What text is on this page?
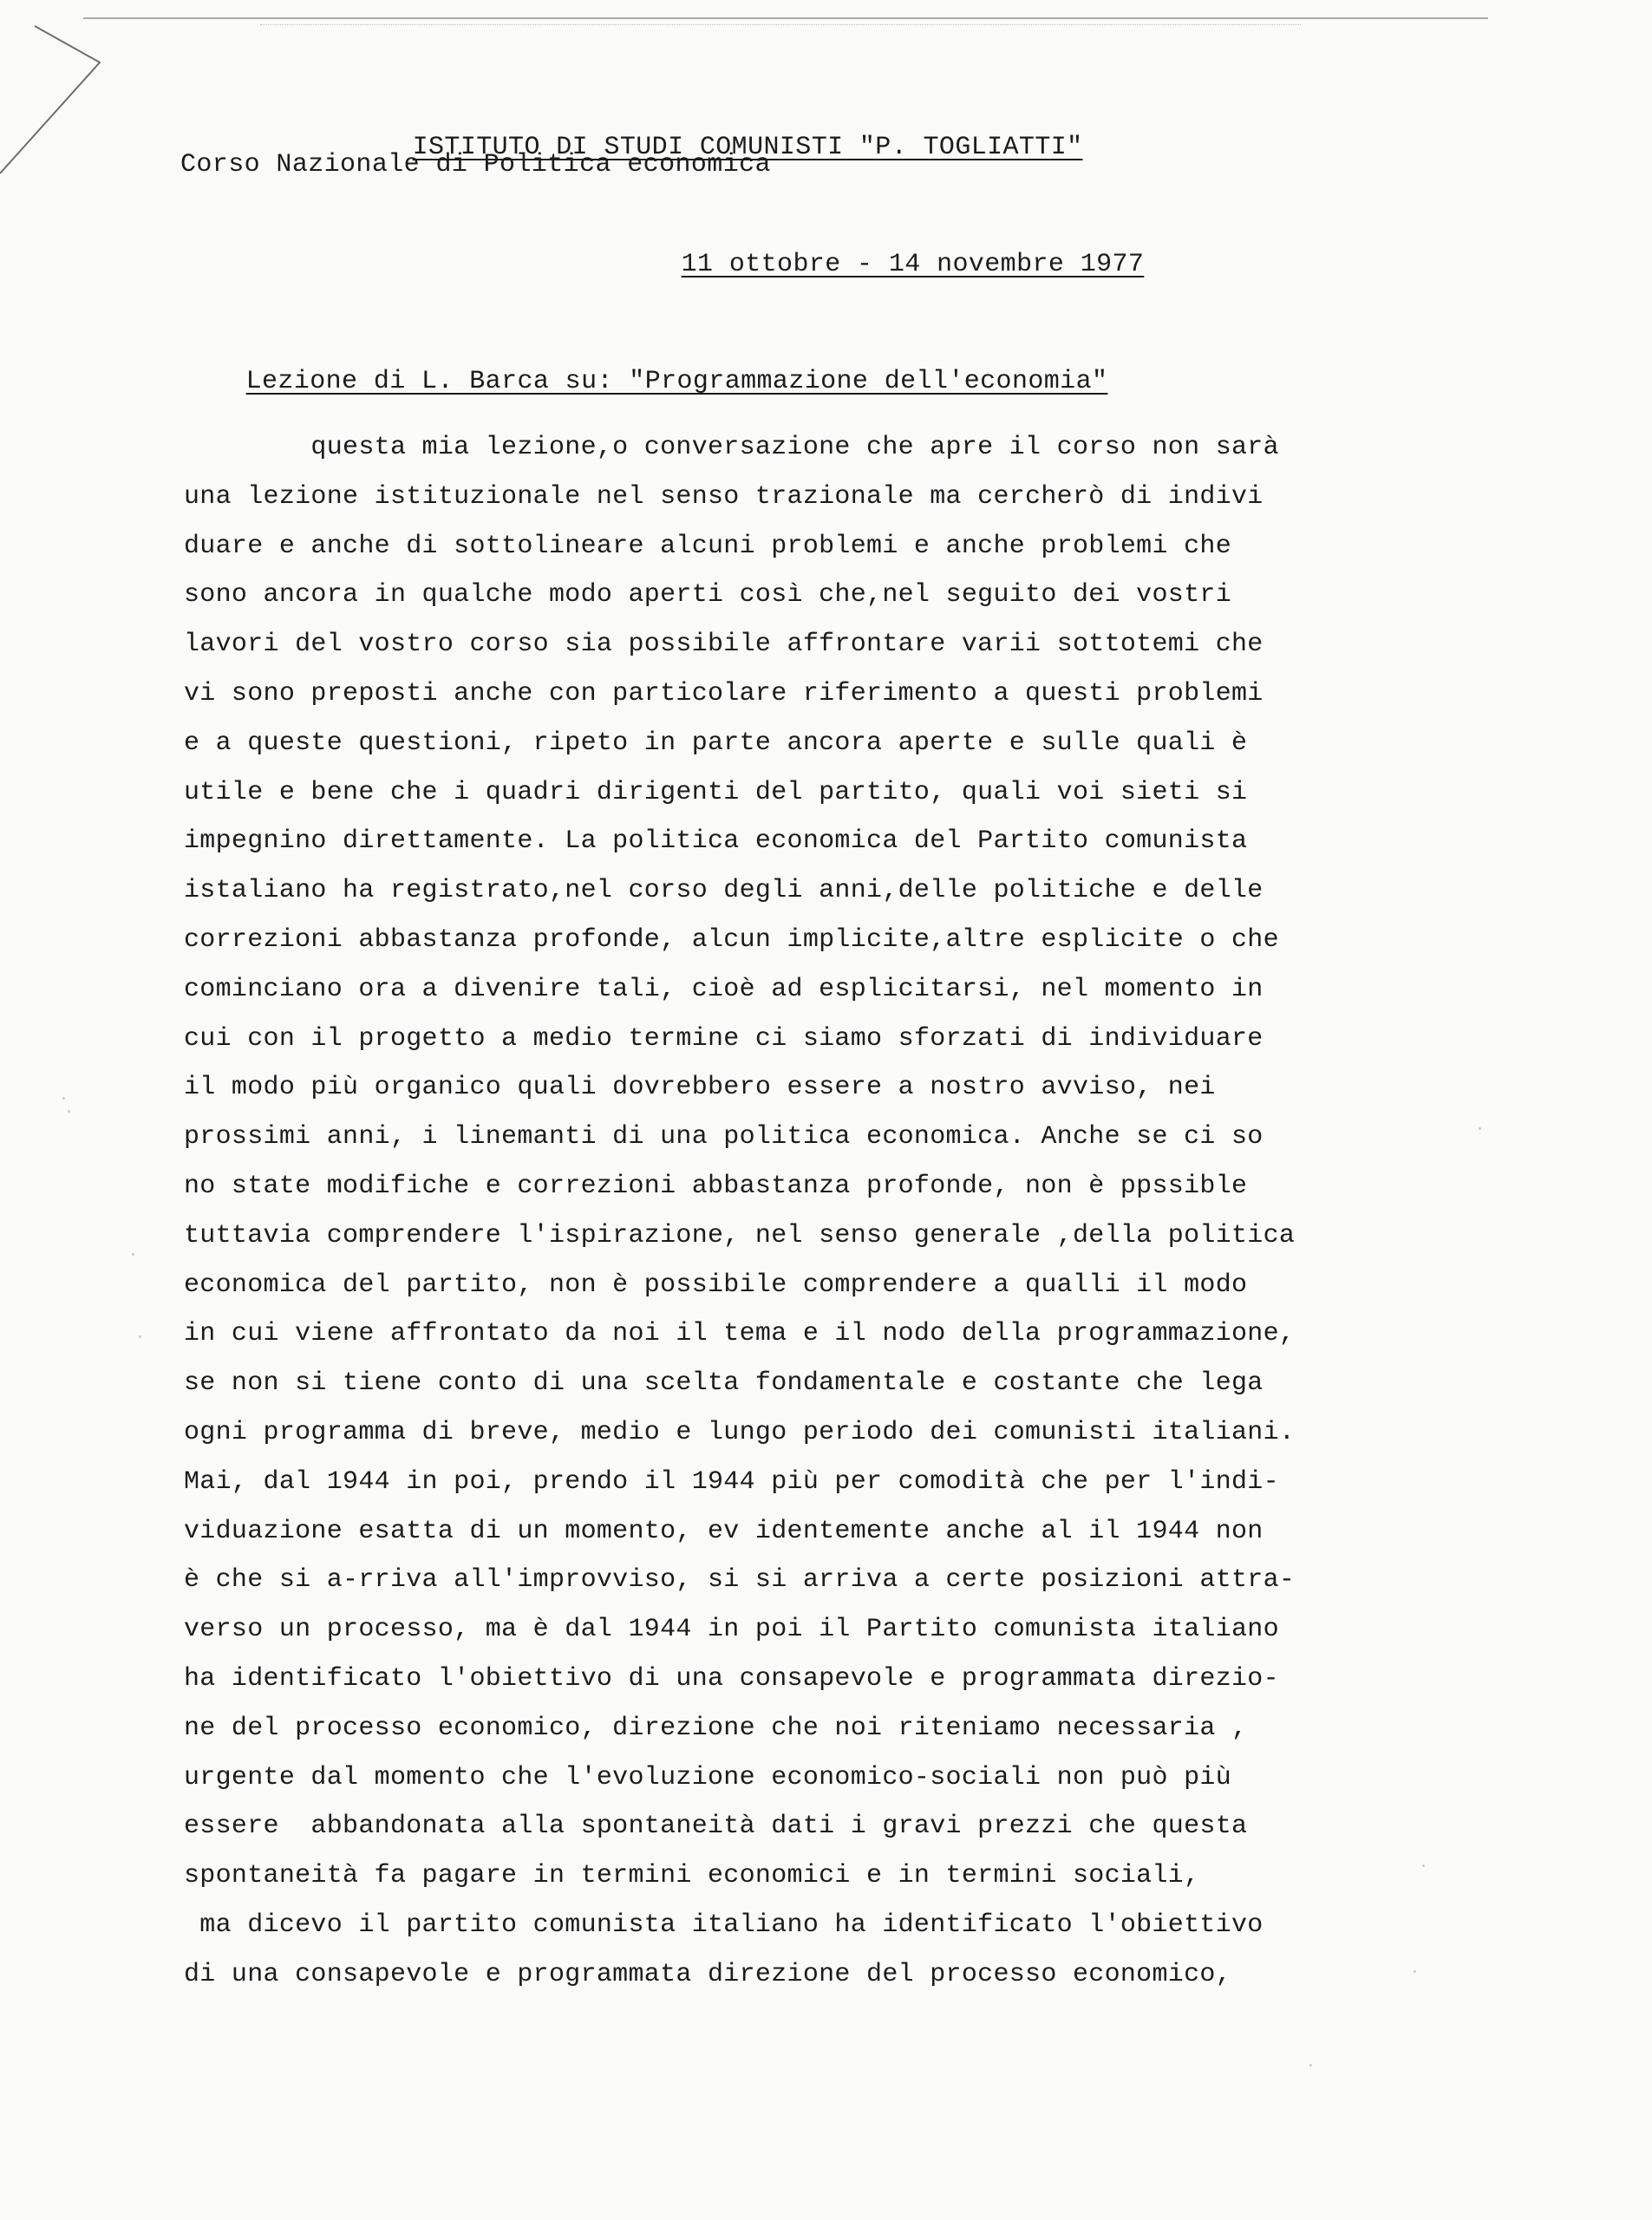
ISTITUTO DI STUDI COMUNISTI "P. TOGLIATTI"

Corso Nazionale di Politica economica

11 ottobre - 14 novembre 1977

Lezione di L. Barca su: "Programmazione dell'economia"

questa mia lezione,o conversazione che apre il corso non sarà
una lezione istituzionale nel senso trazionale ma cercherò di indivi
duare e anche di sottolineare alcuni problemi e anche problemi che
sono ancora in qualche modo aperti così che,nel seguito dei vostri
lavori del vostro corso sia possibile affrontare varii sottotemi che
vi sono preposti anche con particolare riferimento a questi problemi
e a queste questioni, ripeto in parte ancora aperte e sulle quali è
utile e bene che i quadri dirigenti del partito, quali voi sieti si
impegnino direttamente. La politica economica del Partito comunista
istaliano ha registrato,nel corso degli anni,delle politiche e delle
correzioni abbastanza profonde, alcun implicite,altre esplicite o che
cominciano ora a divenire tali, cioè ad esplicitarsi, nel momento in
cui con il progetto a medio termine ci siamo sforzati di individuare
il modo più organico quali dovrebbero essere a nostro avviso, nei
prossimi anni, i linemanti di una politica economica. Anche se ci so
no state modifiche e correzioni abbastanza profonde, non è ppssible
tuttavia comprendere l'ispirazione, nel senso generale ,della politica
economica del partito, non è possibile comprendere a qualli il modo
in cui viene affrontato da noi il tema e il nodo della programmazione,
se non si tiene conto di una scelta fondamentale e costante che lega
ogni programma di breve, medio e lungo periodo dei comunisti italiani.
Mai, dal 1944 in poi, prendo il 1944 più per comodità che per l'indi-
viduazione esatta di un momento, ev identemente anche al il 1944 non
è che si a-rriva all'improvviso, si si arriva a certe posizioni attra-
verso un processo, ma è dal 1944 in poi il Partito comunista italiano
ha identificato l'obiettivo di una consapevole e programmata direzio-
ne del processo economico, direzione che noi riteniamo necessaria ,
urgente dal momento che l'evoluzione economico-sociali non può più
essere  abbandonata alla spontaneità dati i gravi prezzi che questa
spontaneità fa pagare in termini economici e in termini sociali,
ma dicevo il partito comunista italiano ha identificato l'obiettivo
di una consapevole e programmata direzione del processo economico,
